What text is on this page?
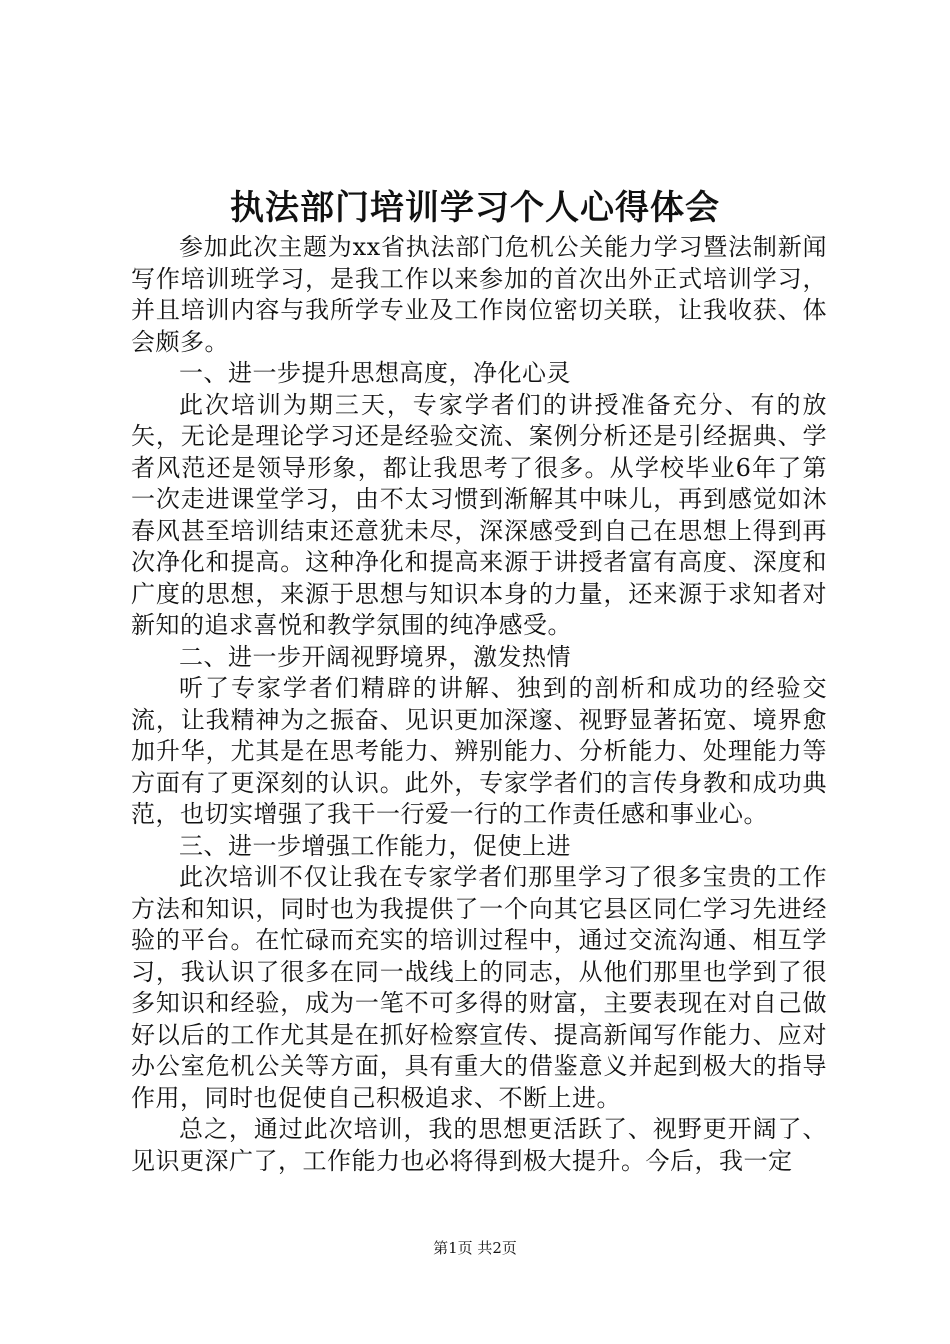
执法部门培训学习个人心得体会

参加此次主题为xx省执法部门危机公关能力学习暨法制新闻写作培训班学习，是我工作以来参加的首次出外正式培训学习，并且培训内容与我所学专业及工作岗位密切关联，让我收获、体会颇多。

一、进一步提升思想高度，净化心灵

此次培训为期三天，专家学者们的讲授准备充分、有的放矢，无论是理论学习还是经验交流、案例分析还是引经据典、学者风范还是领导形象，都让我思考了很多。从学校毕业6年了第一次走进课堂学习，由不太习惯到渐解其中味儿，再到感觉如沐春风甚至培训结束还意犹未尽，深深感受到自己在思想上得到再次净化和提高。这种净化和提高来源于讲授者富有高度、深度和广度的思想，来源于思想与知识本身的力量，还来源于求知者对新知的追求喜悦和教学氛围的纯净感受。

二、进一步开阔视野境界，激发热情

听了专家学者们精辟的讲解、独到的剖析和成功的经验交流，让我精神为之振奋、见识更加深邃、视野显著拓宽、境界愈加升华，尤其是在思考能力、辨别能力、分析能力、处理能力等方面有了更深刻的认识。此外，专家学者们的言传身教和成功典范，也切实增强了我干一行爱一行的工作责任感和事业心。

三、进一步增强工作能力，促使上进

此次培训不仅让我在专家学者们那里学习了很多宝贵的工作方法和知识，同时也为我提供了一个向其它县区同仁学习先进经验的平台。在忙碌而充实的培训过程中，通过交流沟通、相互学习，我认识了很多在同一战线上的同志，从他们那里也学到了很多知识和经验，成为一笔不可多得的财富，主要表现在对自己做好以后的工作尤其是在抓好检察宣传、提高新闻写作能力、应对办公室危机公关等方面，具有重大的借鉴意义并起到极大的指导作用，同时也促使自己积极追求、不断上进。

总之，通过此次培训，我的思想更活跃了、视野更开阔了、见识更深广了，工作能力也必将得到极大提升。今后，我一定

第1页 共2页
